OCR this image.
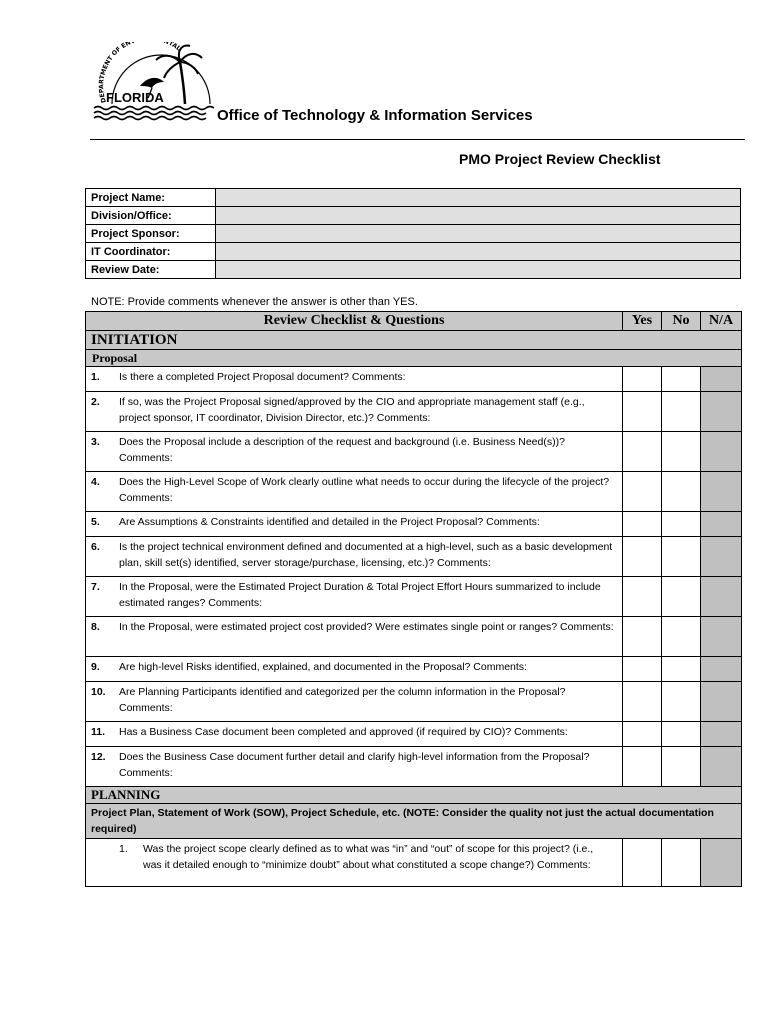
DEPARTMENT OF EN TAL
FLORIDA
Office of Technology & Information Services
PMO Project Review Checklist
Project Name:	
Division/Office:	
Project Sponsor:	
IT Coordinator:	
Review Date:	
NOTE: Provide comments whenever the answer is other than YES.
Review Checklist & Questions	Yes	No	N/A
INITIATION			
Proposal			
1. Is there a completed Project Proposal document? Comments:			
2. If so, was the Project Proposal signed/approved by the CIO and appropriate management staff (e.g., project sponsor, IT coordinator, Division Director, etc.)? Comments:			
3. Does the Proposal include a description of the request and background (i.e. Business Need(s))? Comments:			
4. Does the High-Level Scope of Work clearly outline what needs to occur during the lifecycle of the project? Comments:			
5. Are Assumptions & Constraints identified and detailed in the Project Proposal? Comments:			
6. Is the project technical environment defined and documented at a high-level, such as a basic development plan, skill set(s) identified, server storage/purchase, licensing, etc.)? Comments:			
7. In the Proposal, were the Estimated Project Duration & Total Project Effort Hours summarized to include estimated ranges? Comments:			
8. In the Proposal, were estimated project cost provided? Were estimates single point or ranges? Comments:			
9. Are high-level Risks identified, explained, and documented in the Proposal? Comments:			
10. Are Planning Participants identified and categorized per the column information in the Proposal? Comments:			
11. Has a Business Case document been completed and approved (if required by CIO)? Comments:			
12. Does the Business Case document further detail and clarify high-level information from the Proposal? Comments:			
PLANNING			
Project Plan, Statement of Work (SOW), Project Schedule, etc. (NOTE: Consider the quality not just the actual documentation required)			
1. Was the project scope clearly defined as to what was “in” and “out” of scope for this project? (i.e., was it detailed enough to “minimize doubt” about what constituted a scope change?) Comments:			
